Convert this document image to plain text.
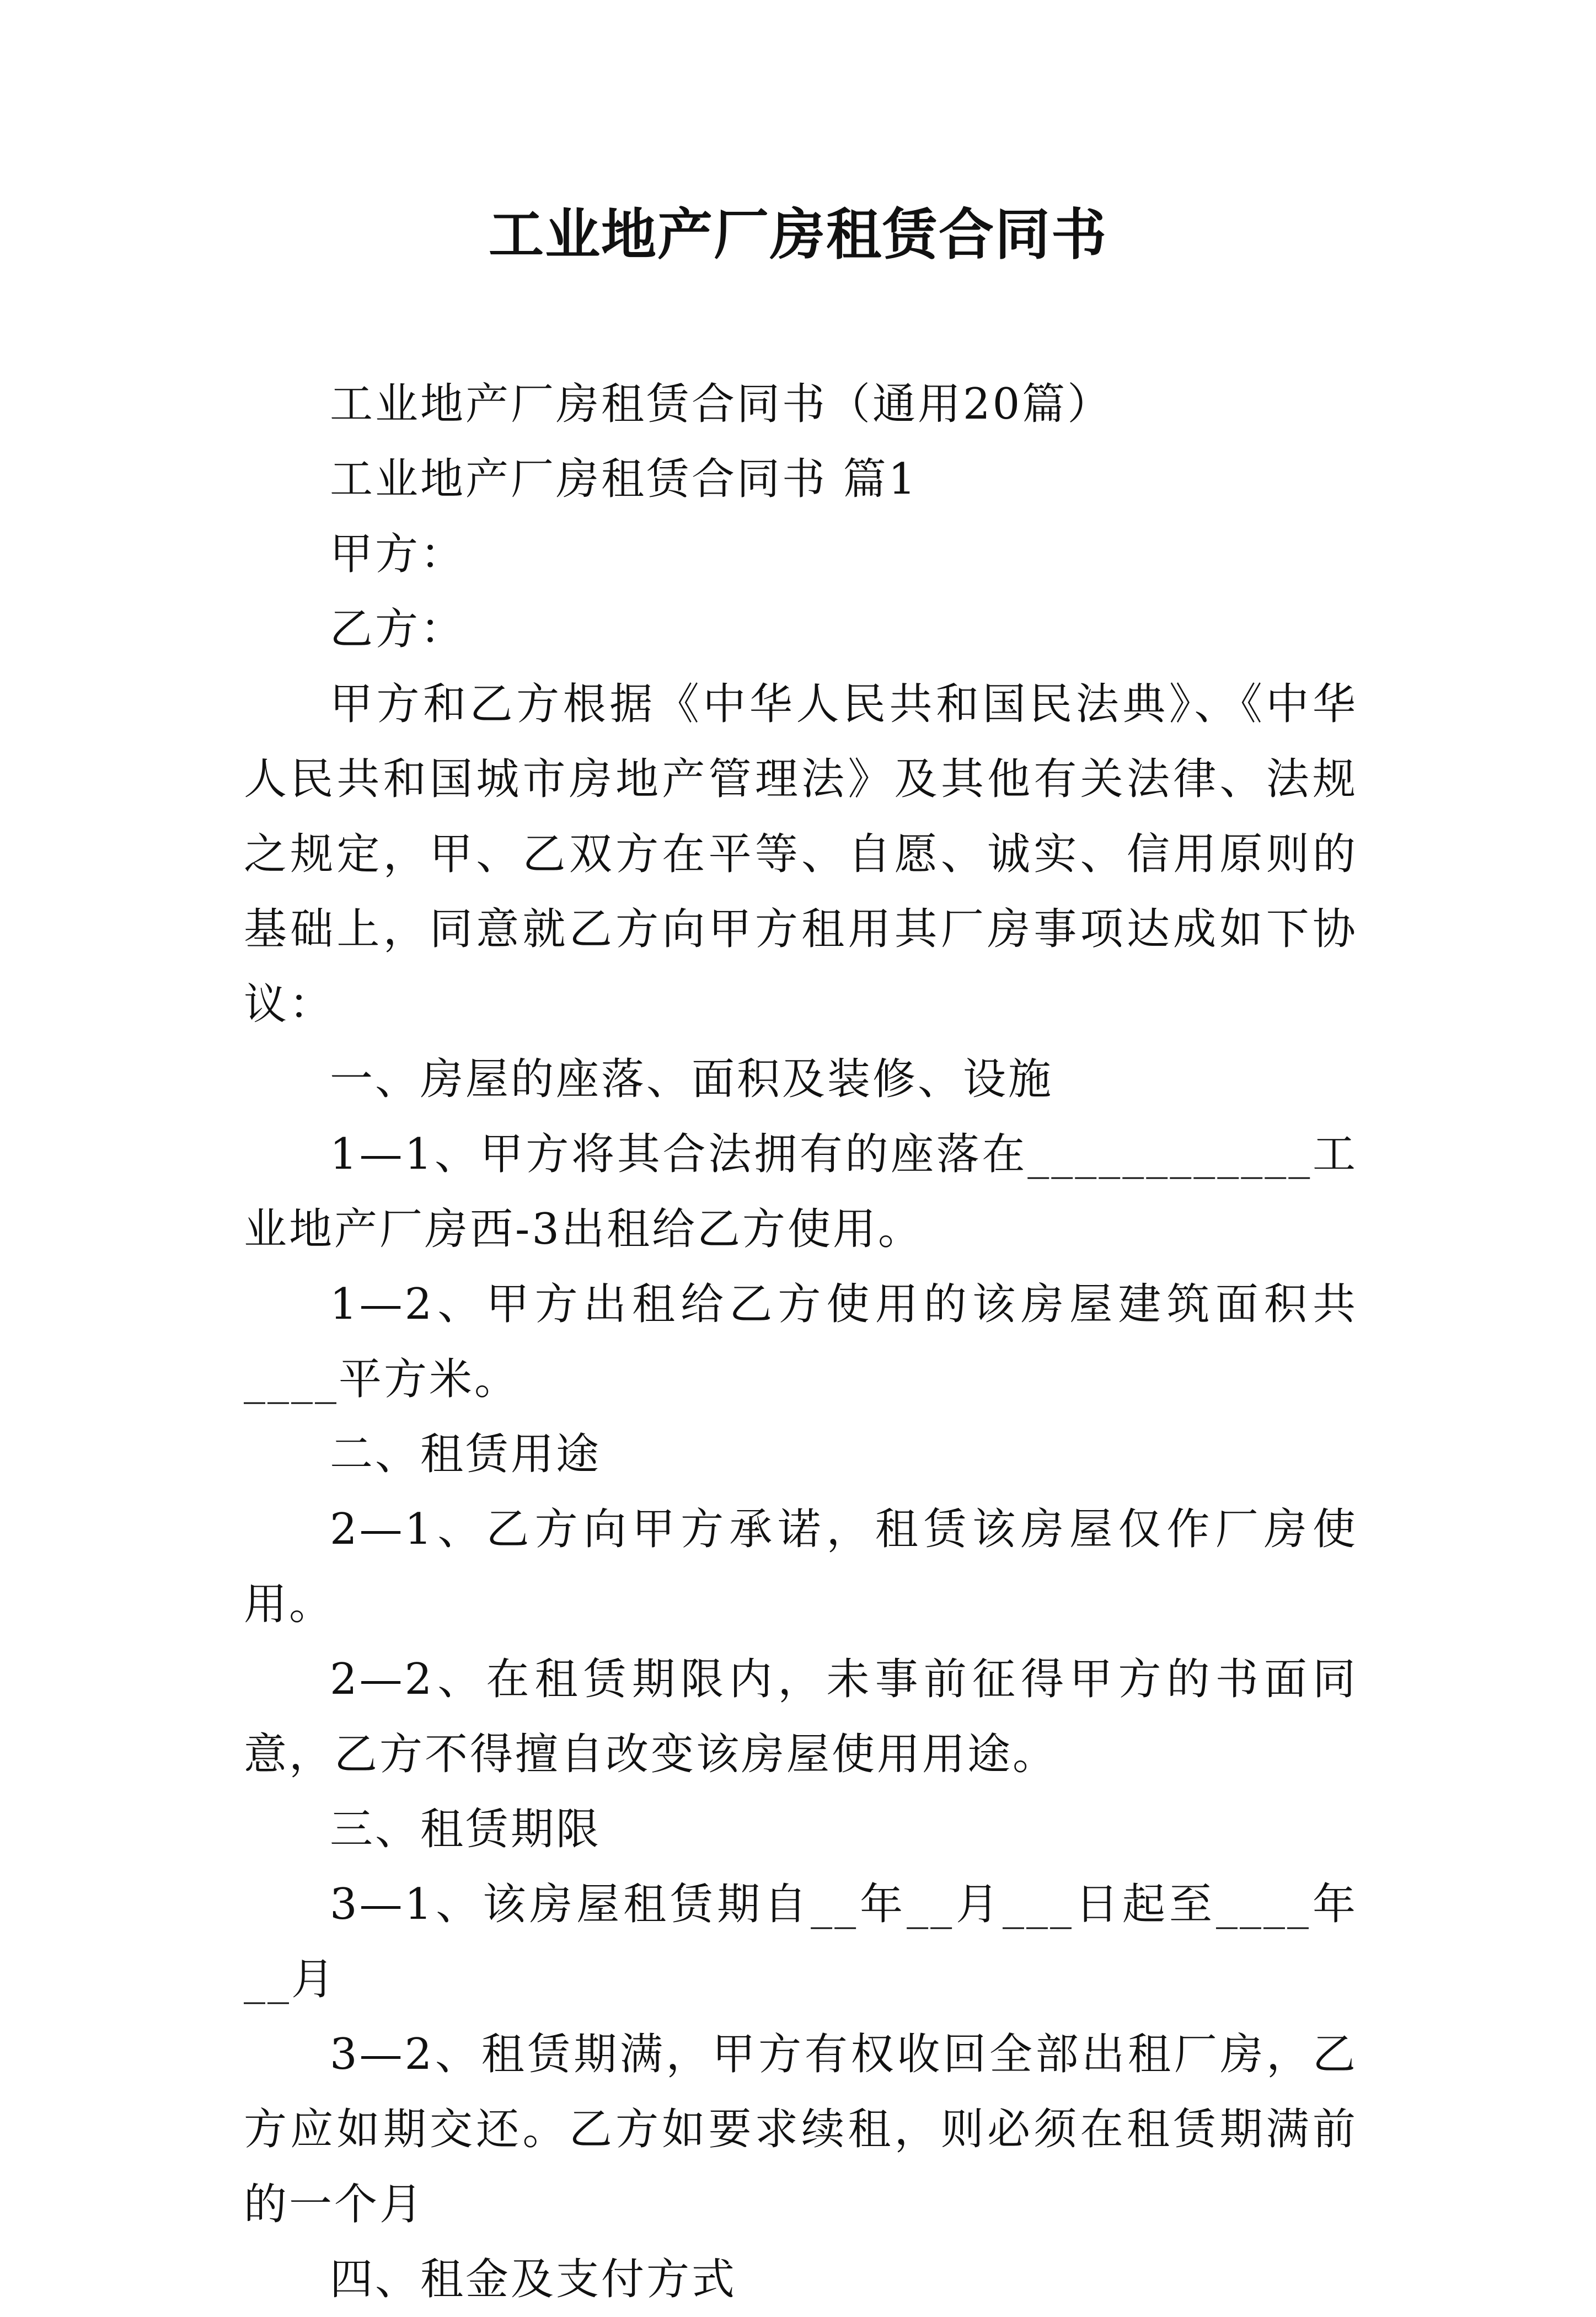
工业地产厂房租赁合同书

工业地产厂房租赁合同书（通用20篇）

工业地产厂房租赁合同书 篇1

甲方：

乙方：

甲方和乙方根据《中华人民共和国民法典》、《中华人民共和国城市房地产管理法》及其他有关法律、法规之规定，甲、乙双方在平等、自愿、诚实、信用原则的基础上，同意就乙方向甲方租用其厂房事项达成如下协议：

一、房屋的座落、面积及装修、设施

1—1、甲方将其合法拥有的座落在____________工业地产厂房西-3出租给乙方使用。

1—2、甲方出租给乙方使用的该房屋建筑面积共____平方米。

二、租赁用途

2—1、乙方向甲方承诺，租赁该房屋仅作厂房使用。

2—2、在租赁期限内，未事前征得甲方的书面同意，乙方不得擅自改变该房屋使用用途。

三、租赁期限

3—1、该房屋租赁期自__年__月___日起至____年__月

3—2、租赁期满，甲方有权收回全部出租厂房，乙方应如期交还。乙方如要求续租，则必须在租赁期满前的一个月

四、租金及支付方式
